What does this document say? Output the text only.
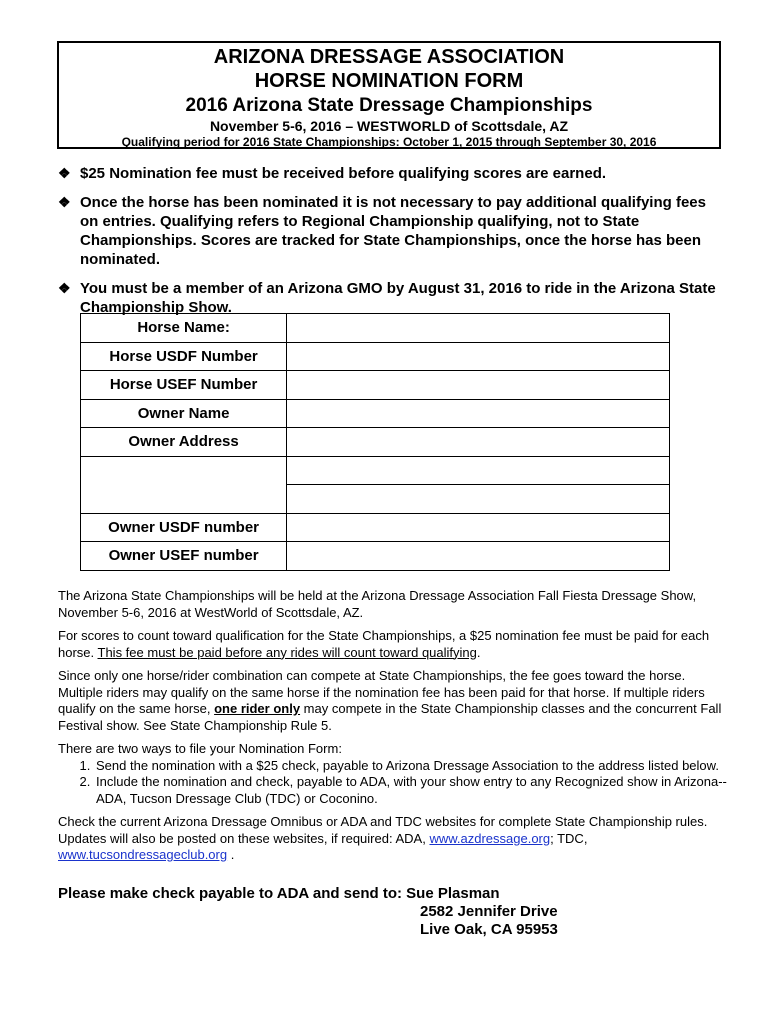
ARIZONA DRESSAGE ASSOCIATION
HORSE NOMINATION FORM
2016 Arizona State Dressage Championships
November 5-6, 2016 – WESTWORLD of Scottsdale, AZ
Qualifying period for 2016 State Championships: October 1, 2015 through September 30, 2016
❖ $25 Nomination fee must be received before qualifying scores are earned.
❖ Once the horse has been nominated it is not necessary to pay additional qualifying fees on entries. Qualifying refers to Regional Championship qualifying, not to State Championships. Scores are tracked for State Championships, once the horse has been nominated.
❖ You must be a member of an Arizona GMO by August 31, 2016 to ride in the Arizona State Championship Show.
Horse Name:	
Horse USDF Number	
Horse USEF Number	
Owner Name	
Owner Address	

Owner USDF number	
Owner USEF number	

The Arizona State Championships will be held at the Arizona Dressage Association Fall Fiesta Dressage Show, November 5-6, 2016 at WestWorld of Scottsdale, AZ.

For scores to count toward qualification for the State Championships, a $25 nomination fee must be paid for each horse. This fee must be paid before any rides will count toward qualifying.

Since only one horse/rider combination can compete at State Championships, the fee goes toward the horse. Multiple riders may qualify on the same horse if the nomination fee has been paid for that horse. If multiple riders qualify on the same horse, one rider only may compete in the State Championship classes and the concurrent Fall Festival show. See State Championship Rule 5.

There are two ways to file your Nomination Form:

1. Send the nomination with a $25 check, payable to Arizona Dressage Association to the address listed below.
2. Include the nomination and check, payable to ADA, with your show entry to any Recognized show in Arizona-- ADA, Tucson Dressage Club (TDC) or Coconino.

Check the current Arizona Dressage Omnibus or ADA and TDC websites for complete State Championship rules. Updates will also be posted on these websites, if required: ADA, www.azdressage.org; TDC, www.tucsondressageclub.org .

Please make check payable to ADA and send to: Sue Plasman
2582 Jennifer Drive
Live Oak, CA 95953
